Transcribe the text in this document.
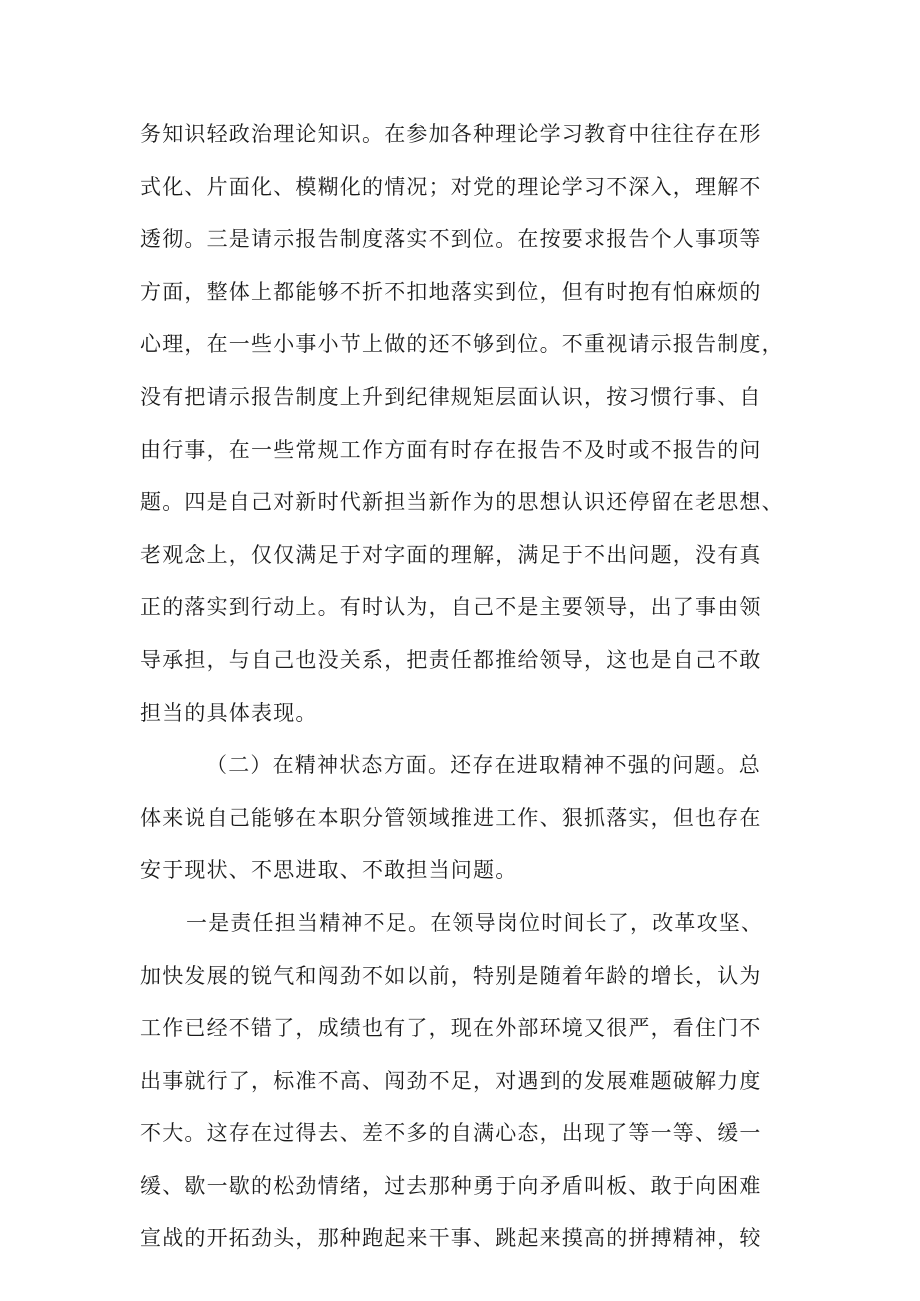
务知识轻政治理论知识。在参加各种理论学习教育中往往存在形
式化、片面化、模糊化的情况；对党的理论学习不深入，理解不
透彻。三是请示报告制度落实不到位。在按要求报告个人事项等
方面，整体上都能够不折不扣地落实到位，但有时抱有怕麻烦的
心理，在一些小事小节上做的还不够到位。不重视请示报告制度，
没有把请示报告制度上升到纪律规矩层面认识，按习惯行事、自
由行事，在一些常规工作方面有时存在报告不及时或不报告的问
题。四是自己对新时代新担当新作为的思想认识还停留在老思想、
老观念上，仅仅满足于对字面的理解，满足于不出问题，没有真
正的落实到行动上。有时认为，自己不是主要领导，出了事由领
导承担，与自己也没关系，把责任都推给领导，这也是自己不敢
担当的具体表现。
（二）在精神状态方面。还存在进取精神不强的问题。总
体来说自己能够在本职分管领域推进工作、狠抓落实，但也存在
安于现状、不思进取、不敢担当问题。
一是责任担当精神不足。在领导岗位时间长了，改革攻坚、
加快发展的锐气和闯劲不如以前，特别是随着年龄的增长，认为
工作已经不错了，成绩也有了，现在外部环境又很严，看住门不
出事就行了，标准不高、闯劲不足，对遇到的发展难题破解力度
不大。这存在过得去、差不多的自满心态，出现了等一等、缓一
缓、歇一歇的松劲情绪，过去那种勇于向矛盾叫板、敢于向困难
宣战的开拓劲头，那种跑起来干事、跳起来摸高的拼搏精神，较
